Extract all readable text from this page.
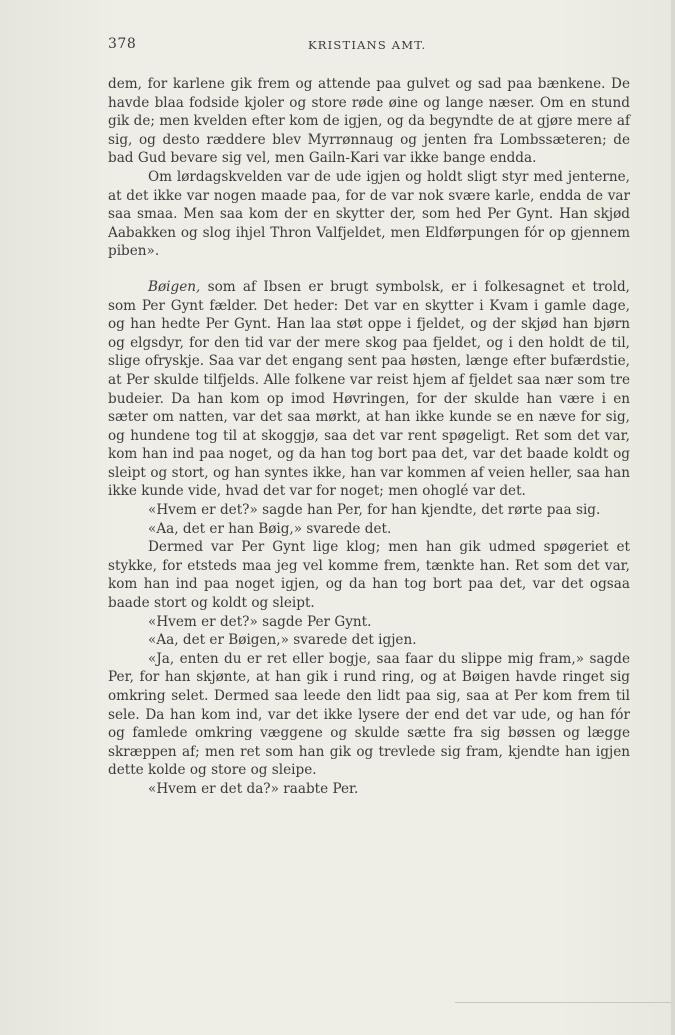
378	KRISTIANS AMT.

dem, for karlene gik frem og attende paa gulvet og sad paa bænkene. De havde blaa fodside kjoler og store røde øine og lange næser. Om en stund gik de; men kvelden efter kom de igjen, og da begyndte de at gjøre mere af sig, og desto ræddere blev Myrrønnaug og jenten fra Lombssæteren; de bad Gud bevare sig vel, men Gailn-Kari var ikke bange endda.

Om lørdagskvelden var de ude igjen og holdt sligt styr med jenterne, at det ikke var nogen maade paa, for de var nok svære karle, endda de var saa smaa. Men saa kom der en skytter der, som hed Per Gynt. Han skjød Aabakken og slog ihjel Thron Valfjeldet, men Eldførpungen fór op gjennem piben».

Bøigen, som af Ibsen er brugt symbolsk, er i folkesagnet et trold, som Per Gynt fælder. Det heder: Det var en skytter i Kvam i gamle dage, og han hedte Per Gynt. Han laa støt oppe i fjeldet, og der skjød han bjørn og elgsdyr, for den tid var der mere skog paa fjeldet, og i den holdt de til, slige ofryskje. Saa var det engang sent paa høsten, længe efter bufærdstie, at Per skulde tilfjelds. Alle folkene var reist hjem af fjeldet saa nær som tre budeier. Da han kom op imod Høvringen, for der skulde han være i en sæter om natten, var det saa mørkt, at han ikke kunde se en næve for sig, og hundene tog til at skoggjø, saa det var rent spøgeligt. Ret som det var, kom han ind paa noget, og da han tog bort paa det, var det baade koldt og sleipt og stort, og han syntes ikke, han var kommen af veien heller, saa han ikke kunde vide, hvad det var for noget; men ohoglé var det.

«Hvem er det?» sagde han Per, for han kjendte, det rørte paa sig.

«Aa, det er han Bøig,» svarede det.

Dermed var Per Gynt lige klog; men han gik udmed spøgeriet et stykke, for etsteds maa jeg vel komme frem, tænkte han. Ret som det var, kom han ind paa noget igjen, og da han tog bort paa det, var det ogsaa baade stort og koldt og sleipt.

«Hvem er det?» sagde Per Gynt.

«Aa, det er Bøigen,» svarede det igjen.

«Ja, enten du er ret eller bogje, saa faar du slippe mig fram,» sagde Per, for han skjønte, at han gik i rund ring, og at Bøigen havde ringet sig omkring selet. Dermed saa leede den lidt paa sig, saa at Per kom frem til sele. Da han kom ind, var det ikke lysere der end det var ude, og han fór og famlede omkring væggene og skulde sætte fra sig bøssen og lægge skræppen af; men ret som han gik og trevlede sig fram, kjendte han igjen dette kolde og store og sleipe.

«Hvem er det da?» raabte Per.
